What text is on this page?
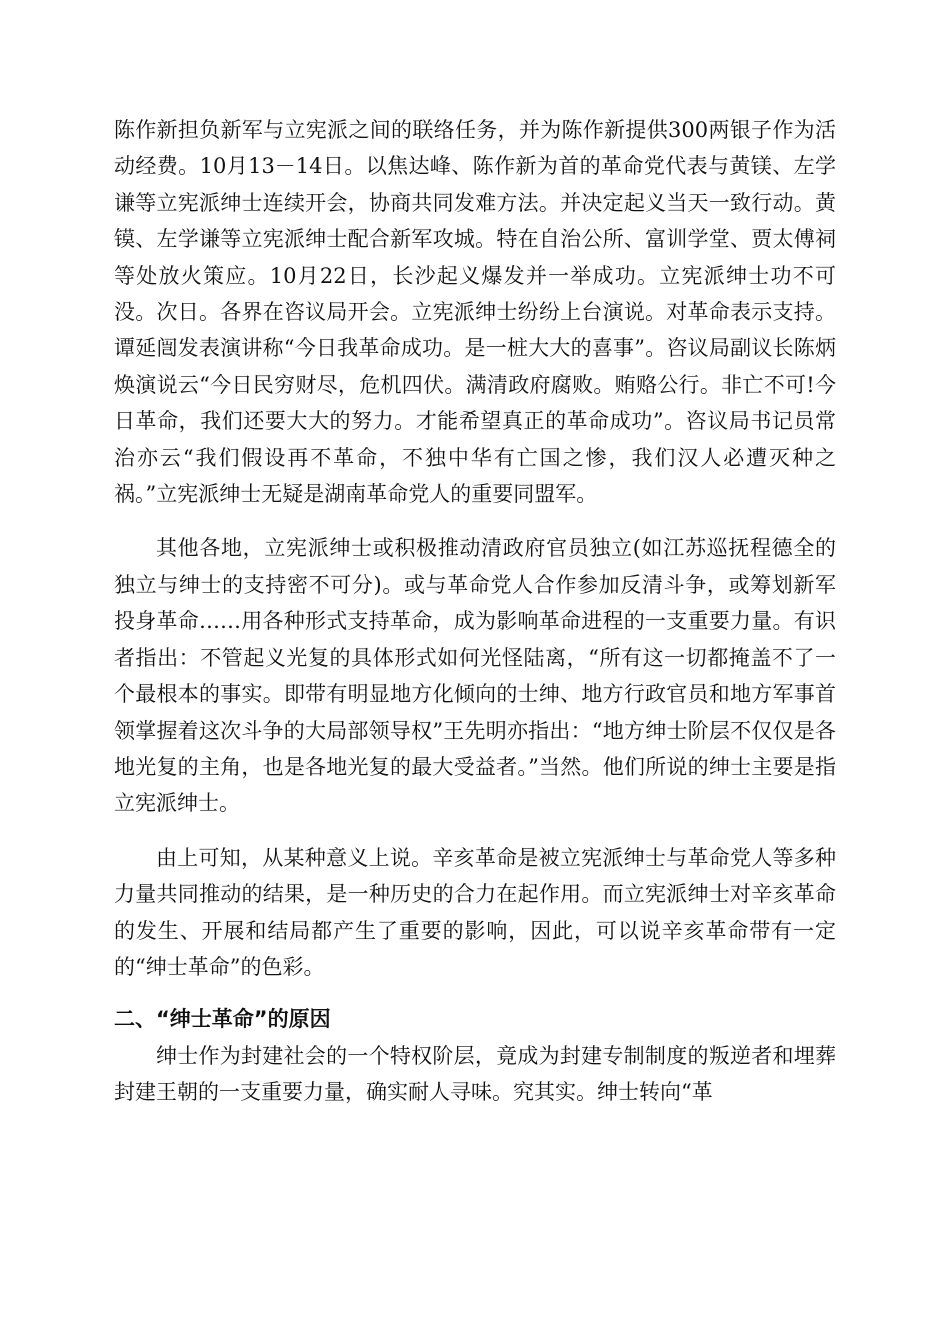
陈作新担负新军与立宪派之间的联络任务，并为陈作新提供300两银子作为活动经费。10月13－14日。以焦达峰、陈作新为首的革命党代表与黄镁、左学谦等立宪派绅士连续开会，协商共同发难方法。并决定起义当天一致行动。黄镆、左学谦等立宪派绅士配合新军攻城。特在自治公所、富训学堂、贾太傅祠等处放火策应。10月22日，长沙起义爆发并一举成功。立宪派绅士功不可没。次日。各界在咨议局开会。立宪派绅士纷纷上台演说。对革命表示支持。谭延闿发表演讲称“今日我革命成功。是一桩大大的喜事”。咨议局副议长陈炳焕演说云“今日民穷财尽，危机四伏。满清政府腐败。贿赂公行。非亡不可!今日革命，我们还要大大的努力。才能希望真正的革命成功”。咨议局书记员常治亦云“我们假设再不革命，不独中华有亡国之惨，我们汉人必遭灭种之祸。”立宪派绅士无疑是湖南革命党人的重要同盟军。

其他各地，立宪派绅士或积极推动清政府官员独立(如江苏巡抚程德全的独立与绅士的支持密不可分)。或与革命党人合作参加反清斗争，或筹划新军投身革命……用各种形式支持革命，成为影响革命进程的一支重要力量。有识者指出：不管起义光复的具体形式如何光怪陆离，“所有这一切都掩盖不了一个最根本的事实。即带有明显地方化倾向的士绅、地方行政官员和地方军事首领掌握着这次斗争的大局部领导权”王先明亦指出：“地方绅士阶层不仅仅是各地光复的主角，也是各地光复的最大受益者。”当然。他们所说的绅士主要是指立宪派绅士。

由上可知，从某种意义上说。辛亥革命是被立宪派绅士与革命党人等多种力量共同推动的结果，是一种历史的合力在起作用。而立宪派绅士对辛亥革命的发生、开展和结局都产生了重要的影响，因此，可以说辛亥革命带有一定的“绅士革命”的色彩。

二、“绅士革命”的原因

绅士作为封建社会的一个特权阶层，竟成为封建专制制度的叛逆者和埋葬封建王朝的一支重要力量，确实耐人寻味。究其实。绅士转向“革
